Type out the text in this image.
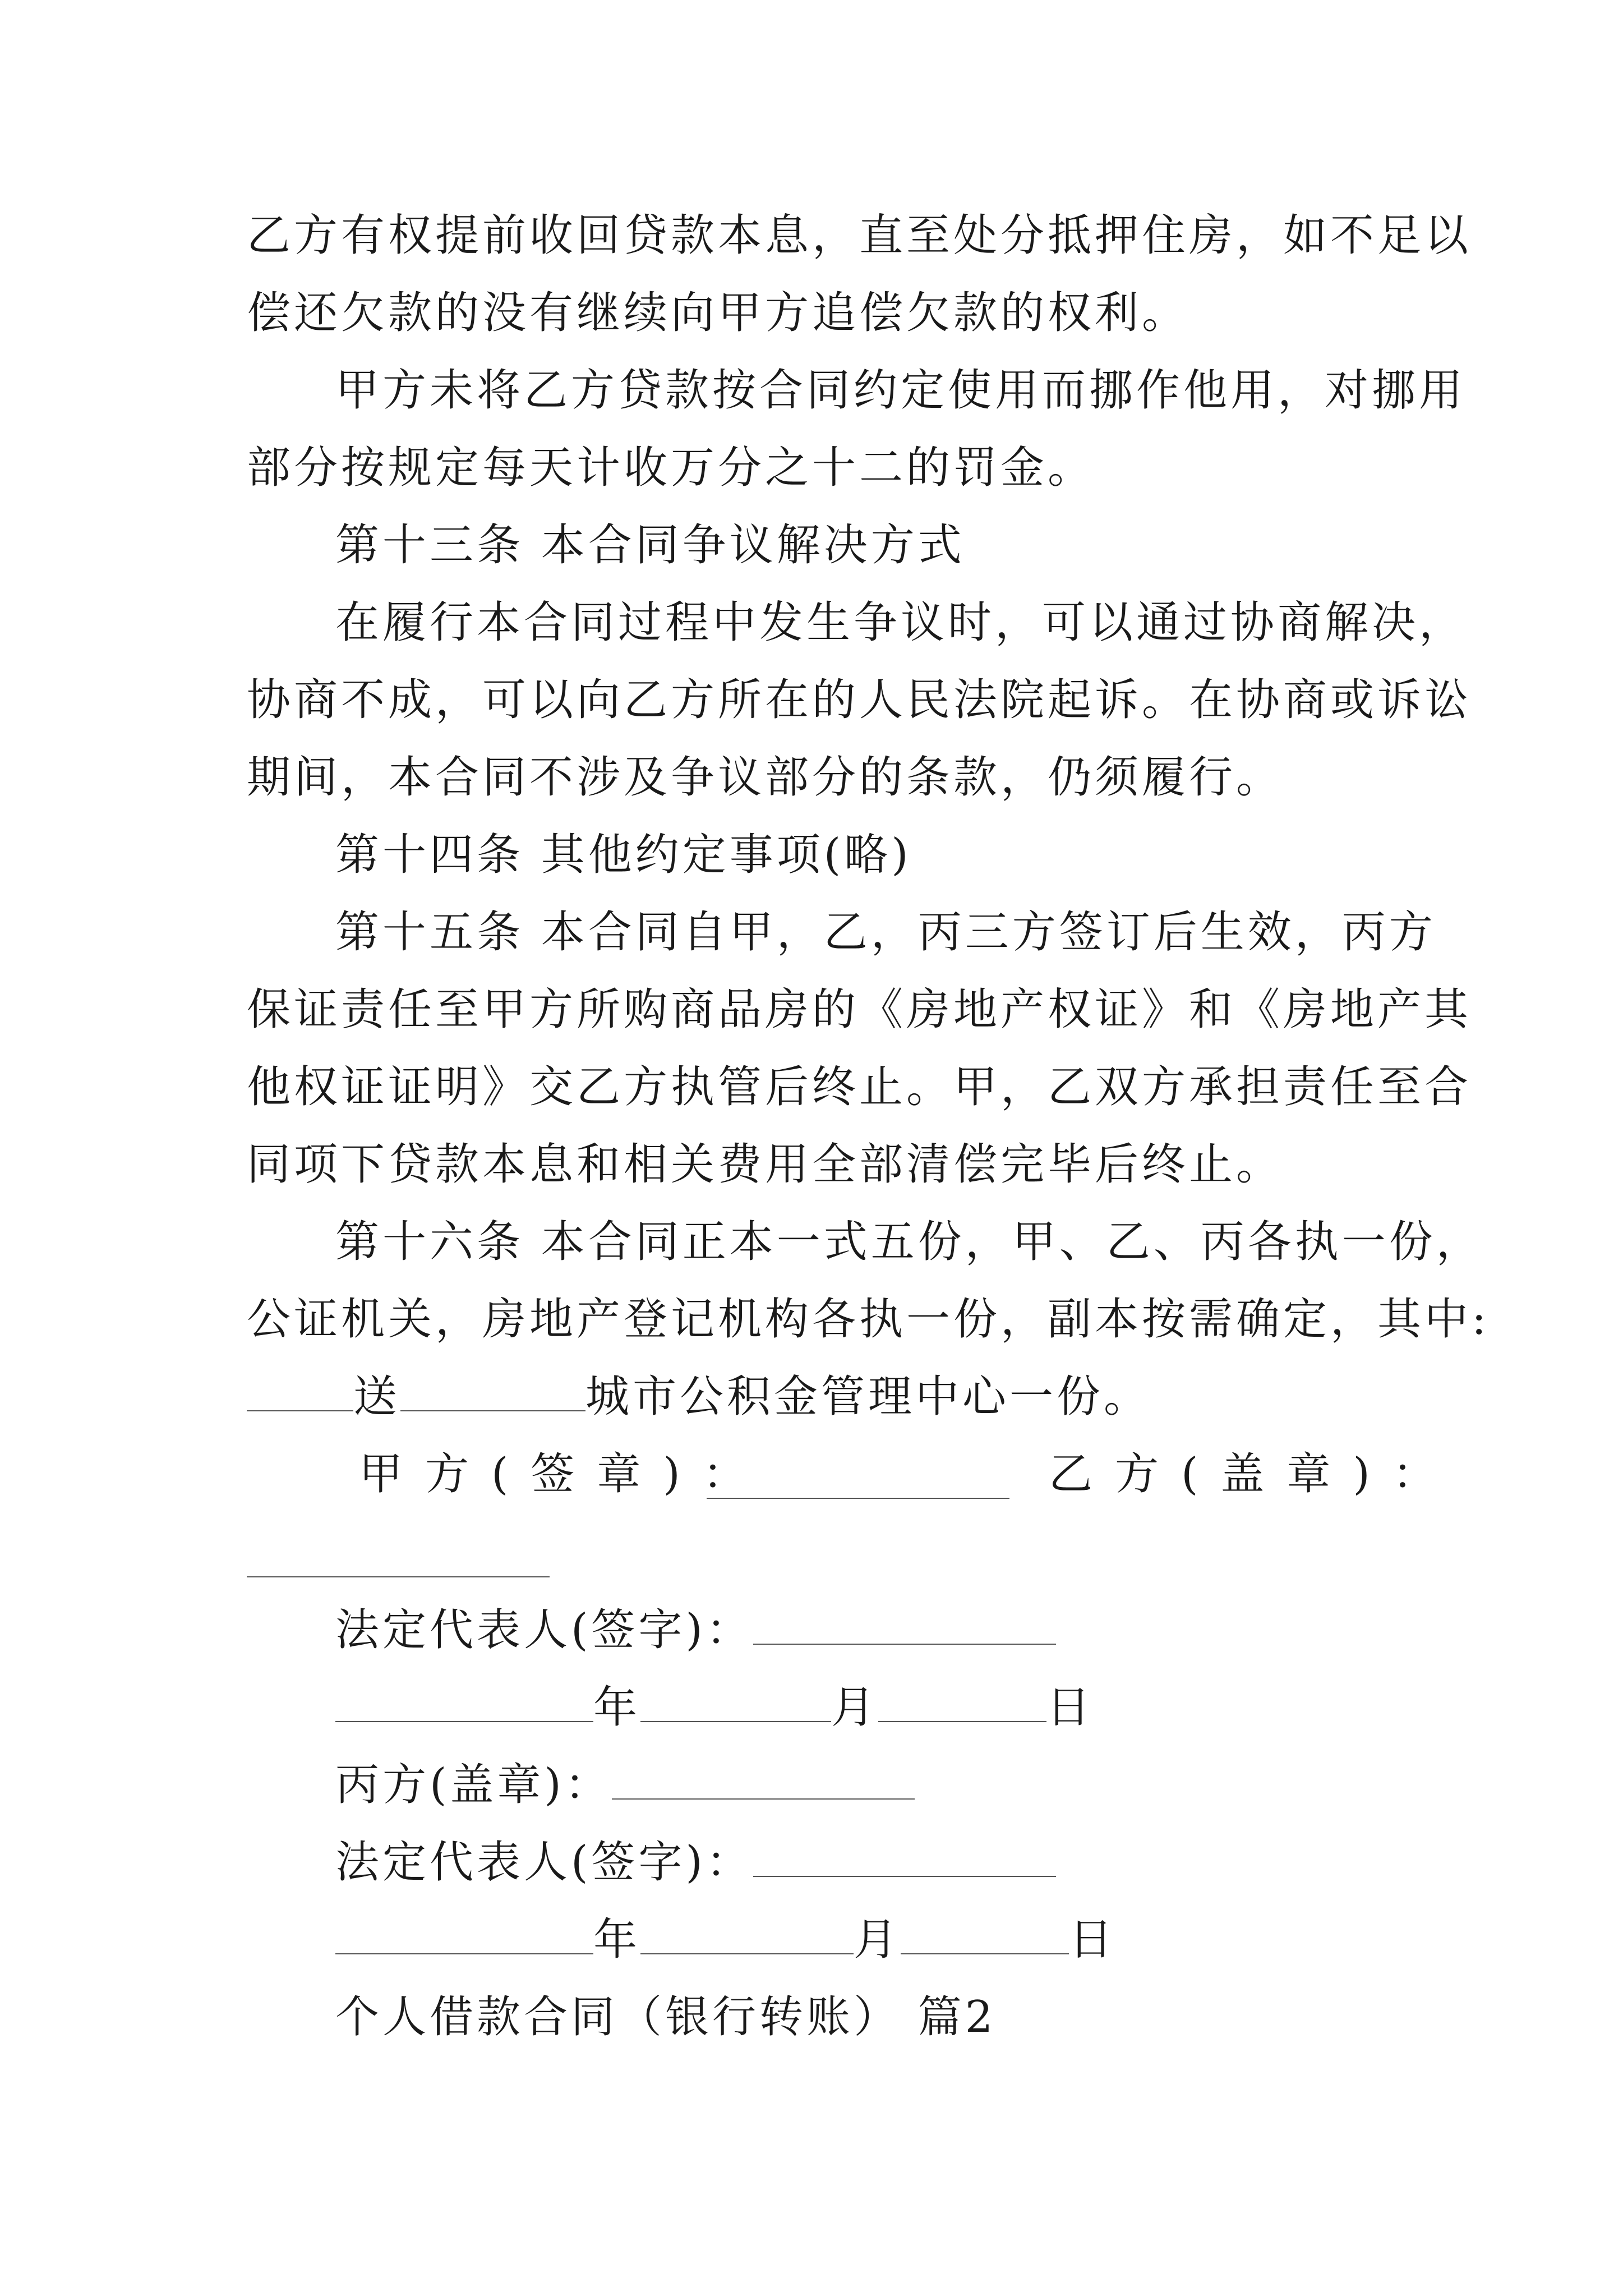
乙方有权提前收回贷款本息，直至处分抵押住房，如不足以
偿还欠款的没有继续向甲方追偿欠款的权利。
甲方未将乙方贷款按合同约定使用而挪作他用，对挪用
部分按规定每天计收万分之十二的罚金。
第十三条 本合同争议解决方式
在履行本合同过程中发生争议时，可以通过协商解决，
协商不成，可以向乙方所在的人民法院起诉。在协商或诉讼
期间，本合同不涉及争议部分的条款，仍须履行。
第十四条 其他约定事项(略)
第十五条 本合同自甲，乙，丙三方签订后生效，丙方
保证责任至甲方所购商品房的《房地产权证》和《房地产其
他权证证明》交乙方执管后终止。甲，乙双方承担责任至合
同项下贷款本息和相关费用全部清偿完毕后终止。
第十六条 本合同正本一式五份，甲、乙、丙各执一份，
公证机关，房地产登记机构各执一份，副本按需确定，其中:
送	城市公积金管理中心一份。
甲方(签章)：	乙方(盖章)：
法定代表人(签字)：
年	月	日
丙方(盖章)：
法定代表人(签字)：
年	月	日
个人借款合同（银行转账） 篇2
